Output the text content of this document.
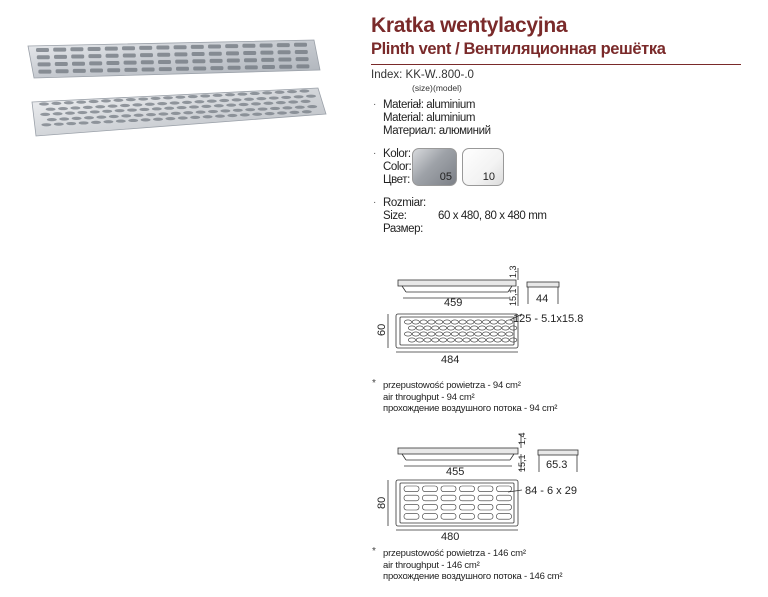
Kratka wentylacyjna
Plinth vent / Вентиляционная решётка
Index: KK-W..800-.0
(size) (model)
· Materiał: aluminium
Material: aluminium
Материал: алюминий
· Kolor:
Color:
Цвет:	05	10
· Rozmiar:
Size:
Размер:
60 x 480, 80 x 480 mm
459
484
125 - 5.1x15.8
44
60
1,3
15,1
* przepustowość powietrza - 94 cm²
air throughput - 94 cm²
прохождение воздушного потока - 94 cm²
455
480
84 - 6 x 29
65.3
80
1,4
15,1
* przepustowość powietrza - 146 cm²
air throughput - 146 cm²
прохождение воздушного потока - 146 cm²
